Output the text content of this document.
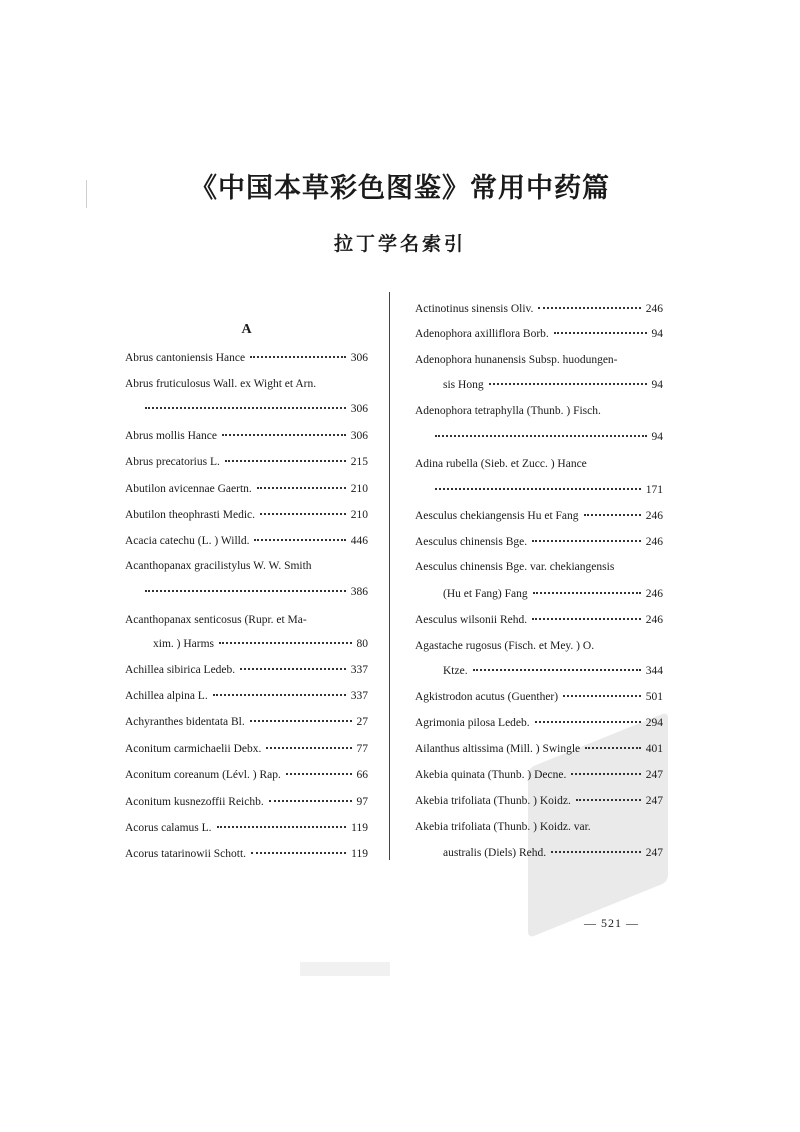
《中国本草彩色图鉴》常用中药篇
拉丁学名索引
A
Abrus cantoniensis Hance	306
Abrus fruticulosus Wall. ex Wight et Arn.
306
Abrus mollis Hance	306
Abrus precatorius L.	215
Abutilon avicennae Gaertn.	210
Abutilon theophrasti Medic.	210
Acacia catechu (L. ) Willd.	446
Acanthopanax gracilistylus W. W. Smith
386
Acanthopanax senticosus (Rupr. et Ma-
xim. ) Harms	80
Achillea sibirica Ledeb.	337
Achillea alpina L.	337
Achyranthes bidentata Bl.	27
Aconitum carmichaelii Debx.	77
Aconitum coreanum (Lévl. ) Rap.	66
Aconitum kusnezoffii Reichb.	97
Acorus calamus L.	119
Acorus tatarinowii Schott.	119
Actinotinus sinensis Oliv.	246
Adenophora axilliflora Borb.	94
Adenophora hunanensis Subsp. huodungen-
sis Hong	94
Adenophora tetraphylla (Thunb. ) Fisch.
94
Adina rubella (Sieb. et Zucc. ) Hance
171
Aesculus chekiangensis Hu et Fang	246
Aesculus chinensis Bge.	246
Aesculus chinensis Bge. var. chekiangensis
(Hu et Fang) Fang	246
Aesculus wilsonii Rehd.	246
Agastache rugosus (Fisch. et Mey. ) O.
Ktze.	344
Agkistrodon acutus (Guenther)	501
Agrimonia pilosa Ledeb.	294
Ailanthus altissima (Mill. ) Swingle	401
Akebia quinata (Thunb. ) Decne.	247
Akebia trifoliata (Thunb. ) Koidz.	247
Akebia trifoliata (Thunb. ) Koidz. var.
australis (Diels) Rehd.	247
— 521 —
